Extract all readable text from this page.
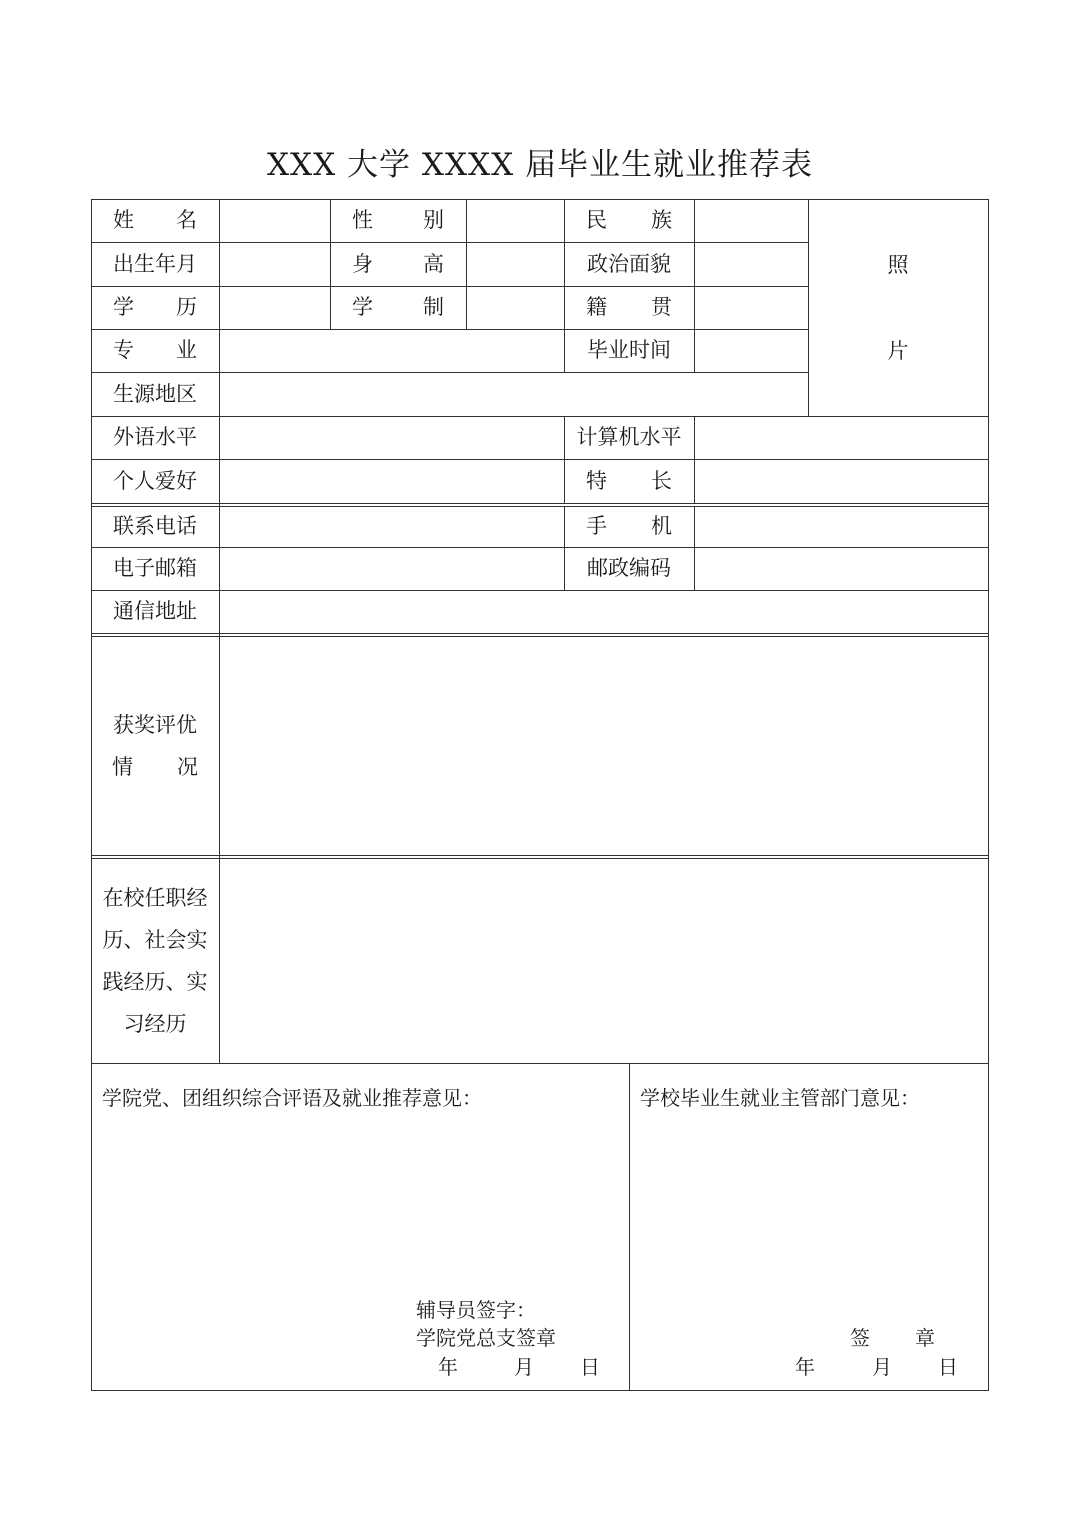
XXX 大学 XXXX 届毕业生就业推荐表
姓 名	性 别	民 族
出生年月	身 高	政治面貌
学 历	学 制	籍 贯
专 业	毕业时间
生源地区
照
片
外语水平	计算机水平
个人爱好	特 长
联系电话	手 机
电子邮箱	邮政编码
通信地址
获奖评优
情 况
在校任职经
历、社会实
践经历、实
习经历
学院党、团组织综合评语及就业推荐意见：
辅导员签字：
学院党总支签章
年	月 日
学校毕业生就业主管部门意见：
签 章
年	月 日
